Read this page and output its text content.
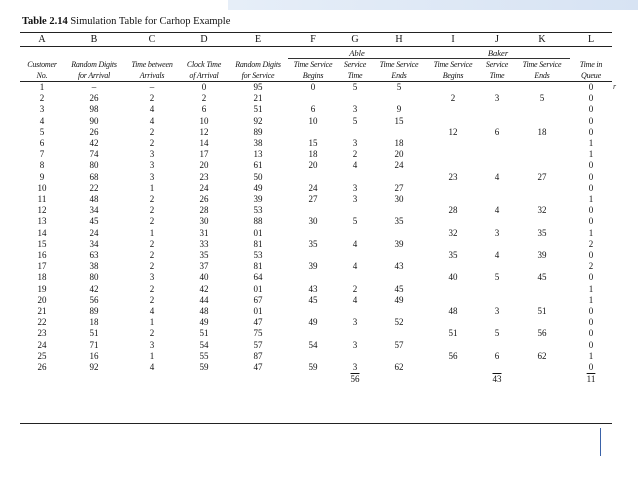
Table 2.14 Simulation Table for Carhop Example
r
A	B	C	D	E	F	G	H	I	J	K	L
					Able			Baker			
Customer	Random Digits	Time between	Clock Time	Random Digits	Time Service	Service	Time Service	Time Service	Service	Time Service	Time in
No.	for Arrival	Arrivals	of Arrival	for Service	Begins	Time	Ends	Begins	Time	Ends	Queue
1	–	–	0	95	0	5	5				0
2	26	2	2	21				2	3	5	0
3	98	4	6	51	6	3	9				0
4	90	4	10	92	10	5	15				0
5	26	2	12	89				12	6	18	0
6	42	2	14	38	15	3	18				1
7	74	3	17	13	18	2	20				1
8	80	3	20	61	20	4	24				0
9	68	3	23	50				23	4	27	0
10	22	1	24	49	24	3	27				0
11	48	2	26	39	27	3	30				1
12	34	2	28	53				28	4	32	0
13	45	2	30	88	30	5	35				0
14	24	1	31	01				32	3	35	1
15	34	2	33	81	35	4	39				2
16	63	2	35	53				35	4	39	0
17	38	2	37	81	39	4	43				2
18	80	3	40	64				40	5	45	0
19	42	2	42	01	43	2	45				1
20	56	2	44	67	45	4	49				1
21	89	4	48	01				48	3	51	0
22	18	1	49	47	49	3	52				0
23	51	2	51	75				51	5	56	0
24	71	3	54	57	54	3	57				0
25	16	1	55	87				56	6	62	1
26	92	4	59	47	59	3	62				0
						56			43		11
